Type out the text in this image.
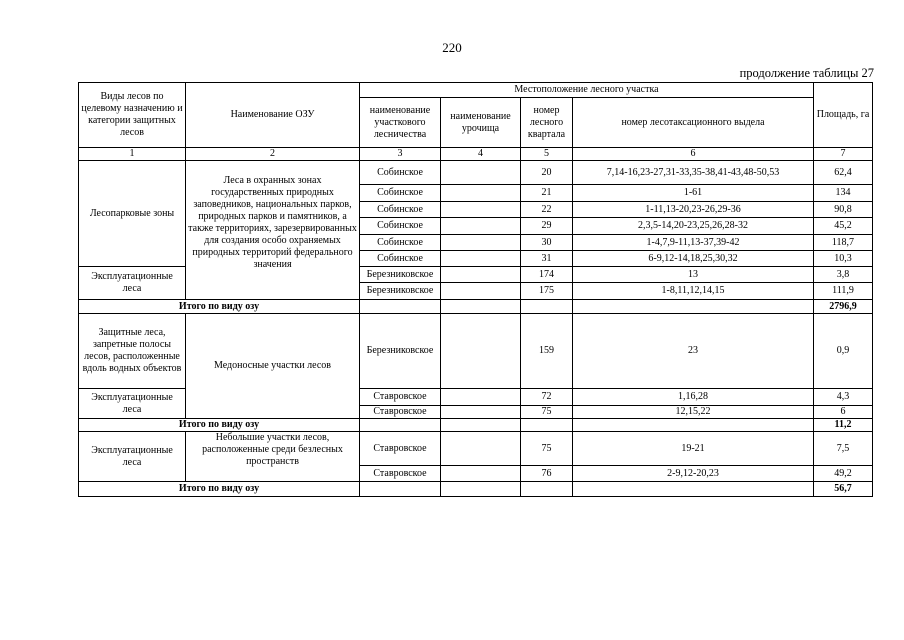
220
продолжение таблицы 27
Виды лесов по целевому назначению и категории защитных лесов	Наименование ОЗУ	Местоположение лесного участка				Площадь, га
		наименование участкового лесничества	наименование урочища	номер лесного квартала	номер лесотаксационного выдела	
1	2	3	4	5	6	7
Лесопарковые зоны	Леса в охранных зонах государственных природных заповедников, национальных парков, природных парков и памятников, а также территориях, зарезервированных для создания особо охраняемых природных территорий федерального значения	Собинское		20	7,14-16,23-27,31-33,35-38,41-43,48-50,53	62,4
		Собинское		21	1-61	134
		Собинское		22	1-11,13-20,23-26,29-36	90,8
		Собинское		29	2,3,5-14,20-23,25,26,28-32	45,2
		Собинское		30	1-4,7,9-11,13-37,39-42	118,7
		Собинское		31	6-9,12-14,18,25,30,32	10,3
Эксплуатационные леса		Березниковское		174	13	3,8
		Березниковское		175	1-8,11,12,14,15	111,9
Итого по виду озу						2796,9
Защитные леса, запретные полосы лесов, расположенные вдоль водных объектов	Медоносные участки лесов	Березниковское		159	23	0,9
Эксплуатационные леса		Ставровское		72	1,16,28	4,3
		Ставровское		75	12,15,22	6
Итого по виду озу						11,2
Эксплуатационные леса	Небольшие участки лесов, расположенные среди безлесных пространств	Ставровское		75	19-21	7,5
		Ставровское		76	2-9,12-20,23	49,2
Итого по виду озу						56,7
